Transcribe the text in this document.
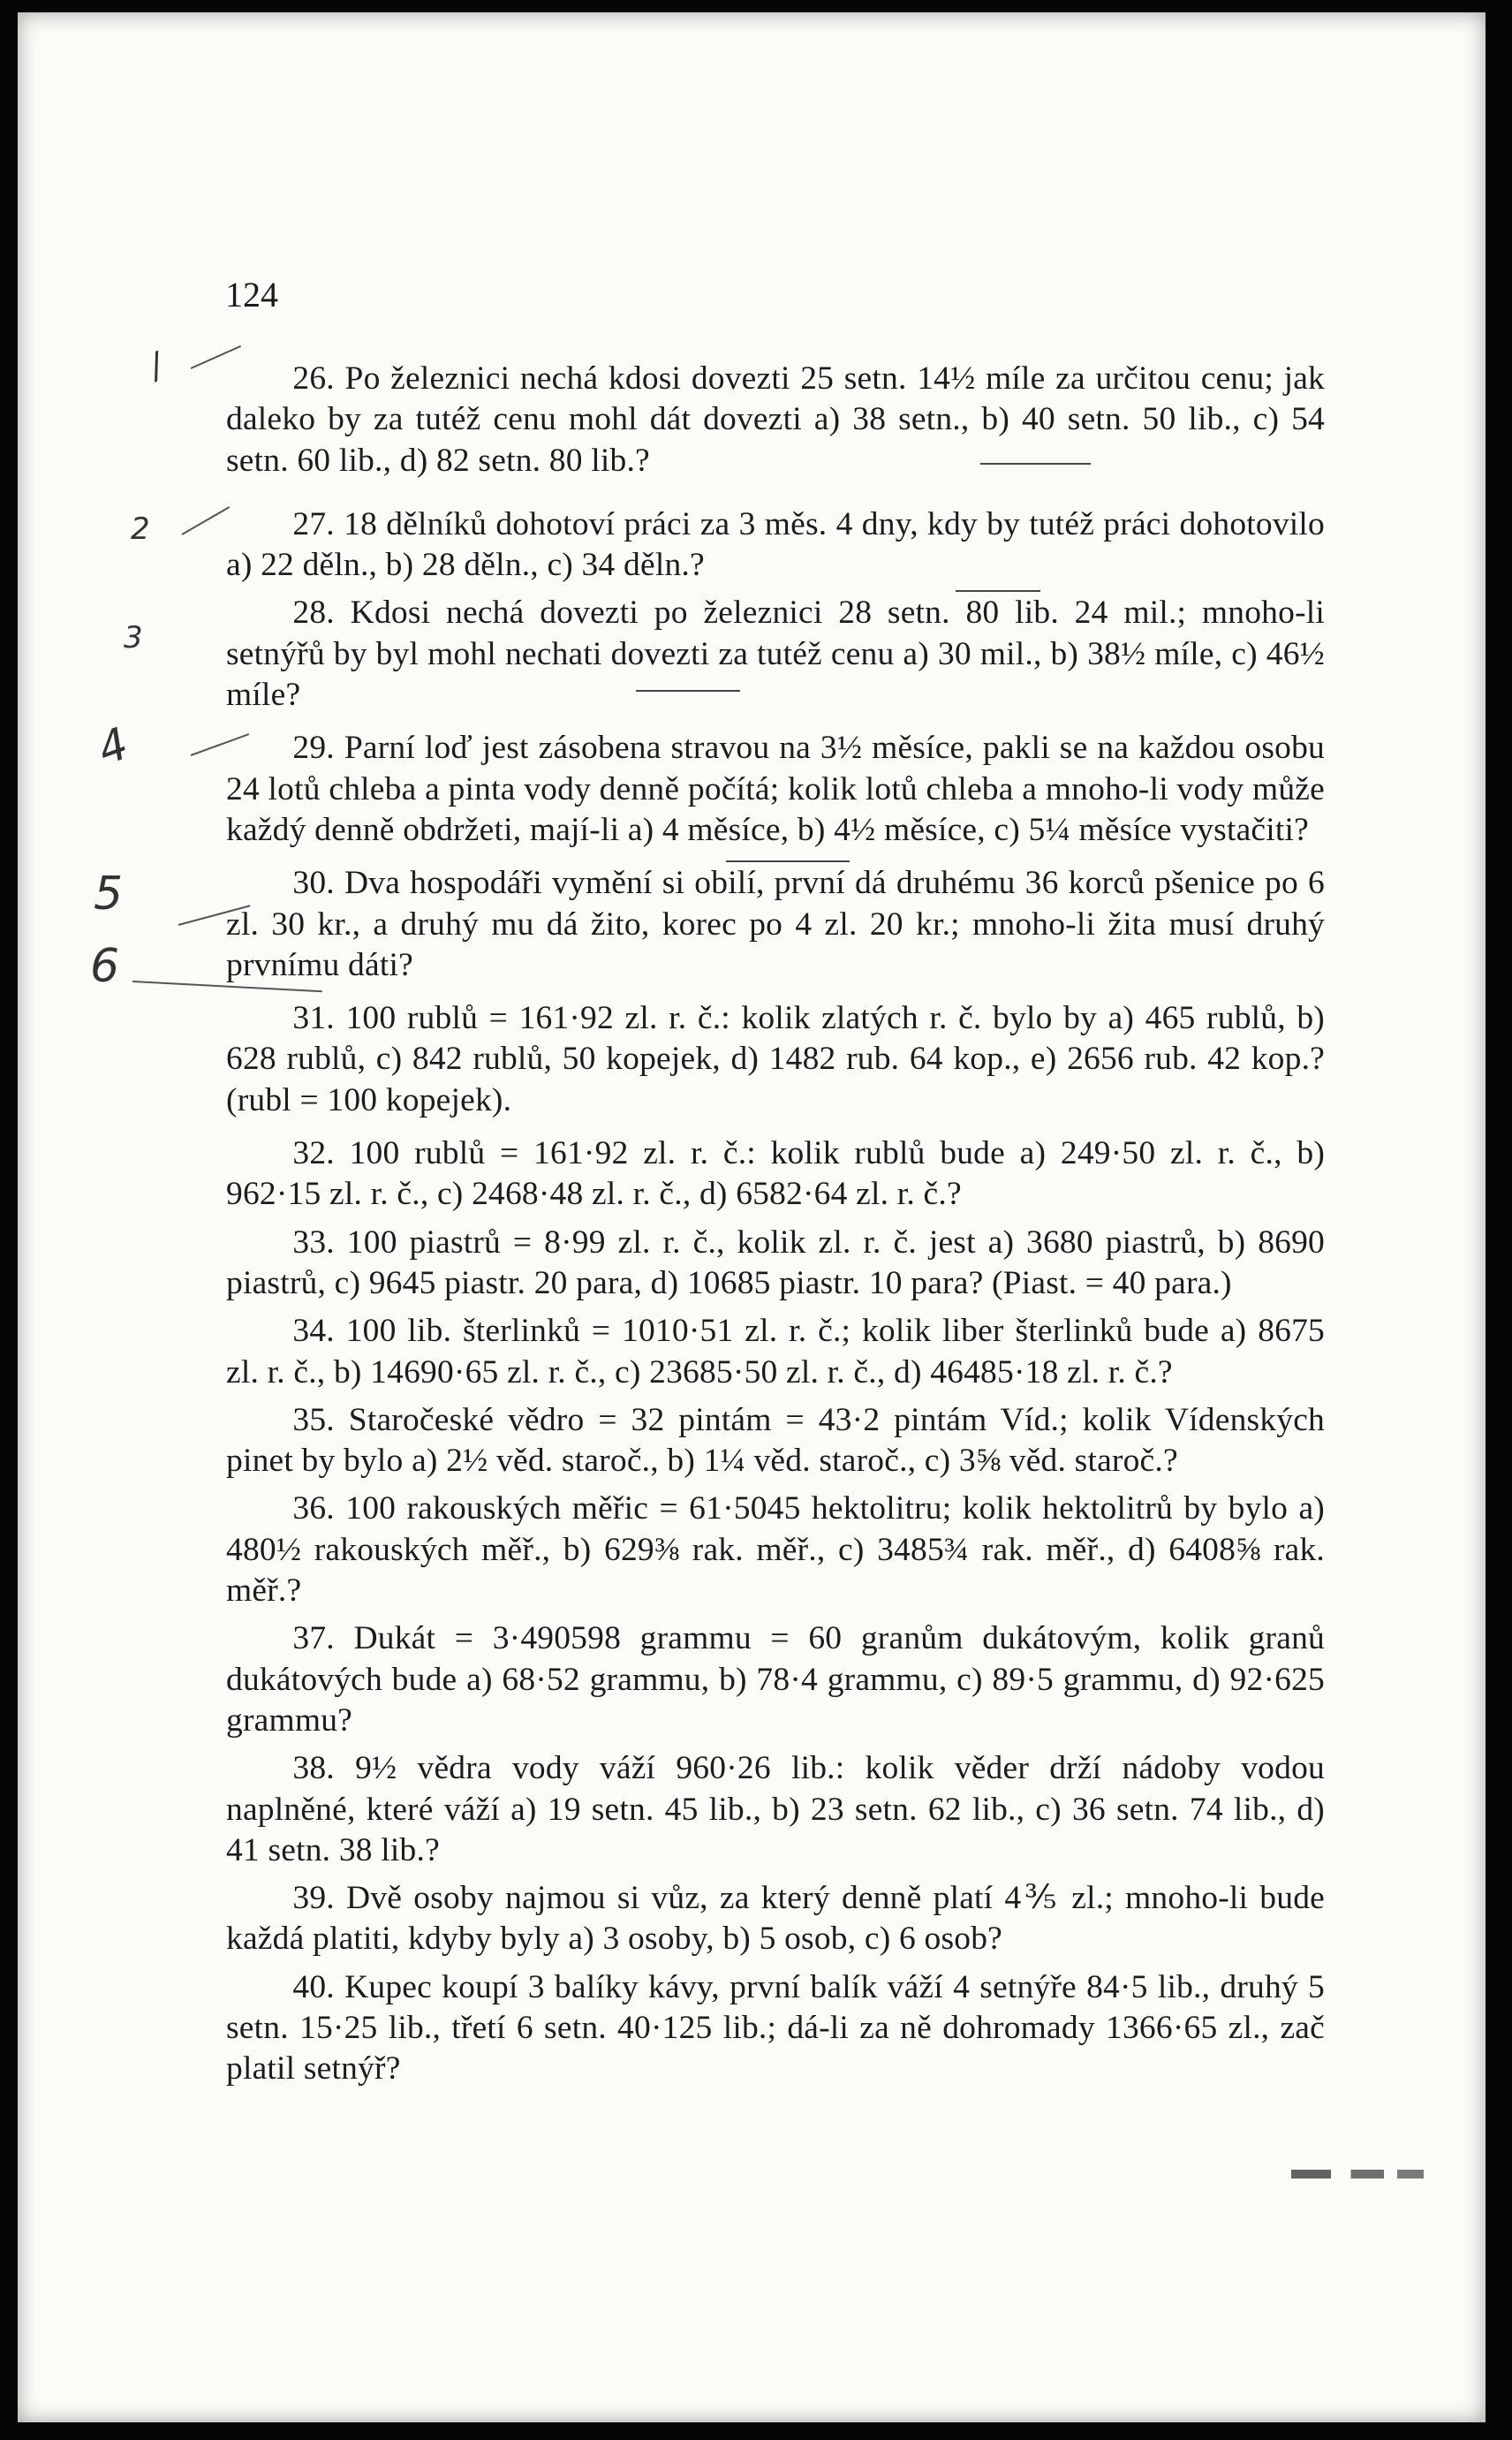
124

  26. Po železnici nechá kdosi dovezti 25 setn. 14½ míle za určitou cenu; jak daleko by za tutéž cenu mohl dát dovezti a) 38 setn., b) 40 setn. 50 lib., c) 54 setn. 60 lib., d) 82 setn. 80 lib.?

  27. 18 dělníků dohotoví práci za 3 měs. 4 dny, kdy by tutéž práci dohotovilo a) 22 děln., b) 28 děln., c) 34 děln.?

  28. Kdosi nechá dovezti po železnici 28 setn. 80 lib. 24 mil.; mnoho-li setnýřů by byl mohl nechati dovezti za tutéž cenu a) 30 mil., b) 38½ míle, c) 46½ míle?

  29. Parní loď jest zásobena stravou na 3½ měsíce, pakli se na každou osobu 24 lotů chleba a pinta vody denně počítá; kolik lotů chleba a mnoho-li vody může každý denně obdržeti, mají-li a) 4 měsíce, b) 4½ měsíce, c) 5¼ měsíce vystačiti?

  30. Dva hospodáři vymění si obilí, první dá druhému 36 korců pšenice po 6 zl. 30 kr., a druhý mu dá žito, korec po 4 zl. 20 kr.; mnoho-li žita musí druhý prvnímu dáti?

  31. 100 rublů = 161·92 zl. r. č.: kolik zlatých r. č. bylo by a) 465 rublů, b) 628 rublů, c) 842 rublů, 50 kopejek, d) 1482 rub. 64 kop., e) 2656 rub. 42 kop.? (rubl = 100 kopejek).

  32. 100 rublů = 161·92 zl. r. č.: kolik rublů bude a) 249·50 zl. r. č., b) 962·15 zl. r. č., c) 2468·48 zl. r. č., d) 6582·64 zl. r. č.?

  33. 100 piastrů = 8·99 zl. r. č., kolik zl. r. č. jest a) 3680 piastrů, b) 8690 piastrů, c) 9645 piastr. 20 para, d) 10685 piastr. 10 para? (Piast. = 40 para.)

  34. 100 lib. šterlinků = 1010·51 zl. r. č.; kolik liber šterlinků bude a) 8675 zl. r. č., b) 14690·65 zl. r. č., c) 23685·50 zl. r. č., d) 46485·18 zl. r. č.?

  35. Staročeské vědro = 32 pintám = 43·2 pintám Víd.; kolik Vídenských pinet by bylo a) 2½ věd. staroč., b) 1¼ věd. staroč., c) 3⅝ věd. staroč.?

  36. 100 rakouských měřic = 61·5045 hektolitru; kolik hektolitrů by bylo a) 480½ rakouských měř., b) 629⅜ rak. měř., c) 3485¾ rak. měř., d) 6408⅝ rak. měř.?

  37. Dukát = 3·490598 grammu = 60 granům dukátovým, kolik granů dukátových bude a) 68·52 grammu, b) 78·4 grammu, c) 89·5 grammu, d) 92·625 grammu?

  38. 9½ vědra vody váží 960·26 lib.: kolik věder drží nádoby vodou naplněné, které váží a) 19 setn. 45 lib., b) 23 setn. 62 lib., c) 36 setn. 74 lib., d) 41 setn. 38 lib.?

  39. Dvě osoby najmou si vůz, za který denně platí 4⅗ zl.; mnoho-li bude každá platiti, kdyby byly a) 3 osoby, b) 5 osob, c) 6 osob?

  40. Kupec koupí 3 balíky kávy, první balík váží 4 setnýře 84·5 lib., druhý 5 setn. 15·25 lib., třetí 6 setn. 40·125 lib.; dá-li za ně dohromady 1366·65 zl., zač platil setnýř?

/
2
3
4
5
6
